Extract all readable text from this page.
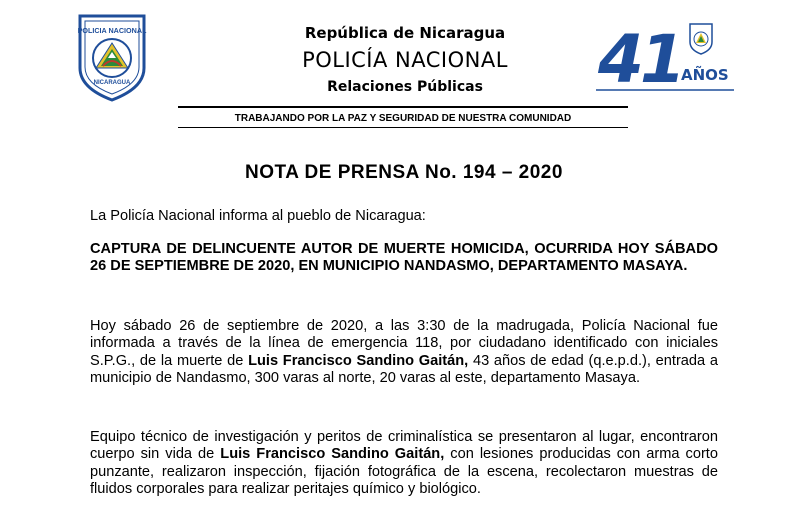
POLICIA NACIONAL
NICARAGUA
República de Nicaragua
POLICÍA NACIONAL
Relaciones Públicas	41 AÑOS
TRABAJANDO POR LA PAZ Y SEGURIDAD DE NUESTRA COMUNIDAD
NOTA DE PRENSA No. 194 – 2020
La Policía Nacional informa al pueblo de Nicaragua:
CAPTURA DE DELINCUENTE AUTOR DE MUERTE HOMICIDA, OCURRIDA HOY SÁBADO 26 DE SEPTIEMBRE DE 2020, EN MUNICIPIO NANDASMO, DEPARTAMENTO MASAYA.
Hoy sábado 26 de septiembre de 2020, a las 3:30 de la madrugada, Policía Nacional fue informada a través de la línea de emergencia 118, por ciudadano identificado con iniciales S.P.G., de la muerte de Luis Francisco Sandino Gaitán, 43 años de edad (q.e.p.d.), entrada a municipio de Nandasmo, 300 varas al norte, 20 varas al este, departamento Masaya.
Equipo técnico de investigación y peritos de criminalística se presentaron al lugar, encontraron cuerpo sin vida de Luis Francisco Sandino Gaitán, con lesiones producidas con arma corto punzante, realizaron inspección, fijación fotográfica de la escena, recolectaron muestras de fluidos corporales para realizar peritajes químico y biológico.
